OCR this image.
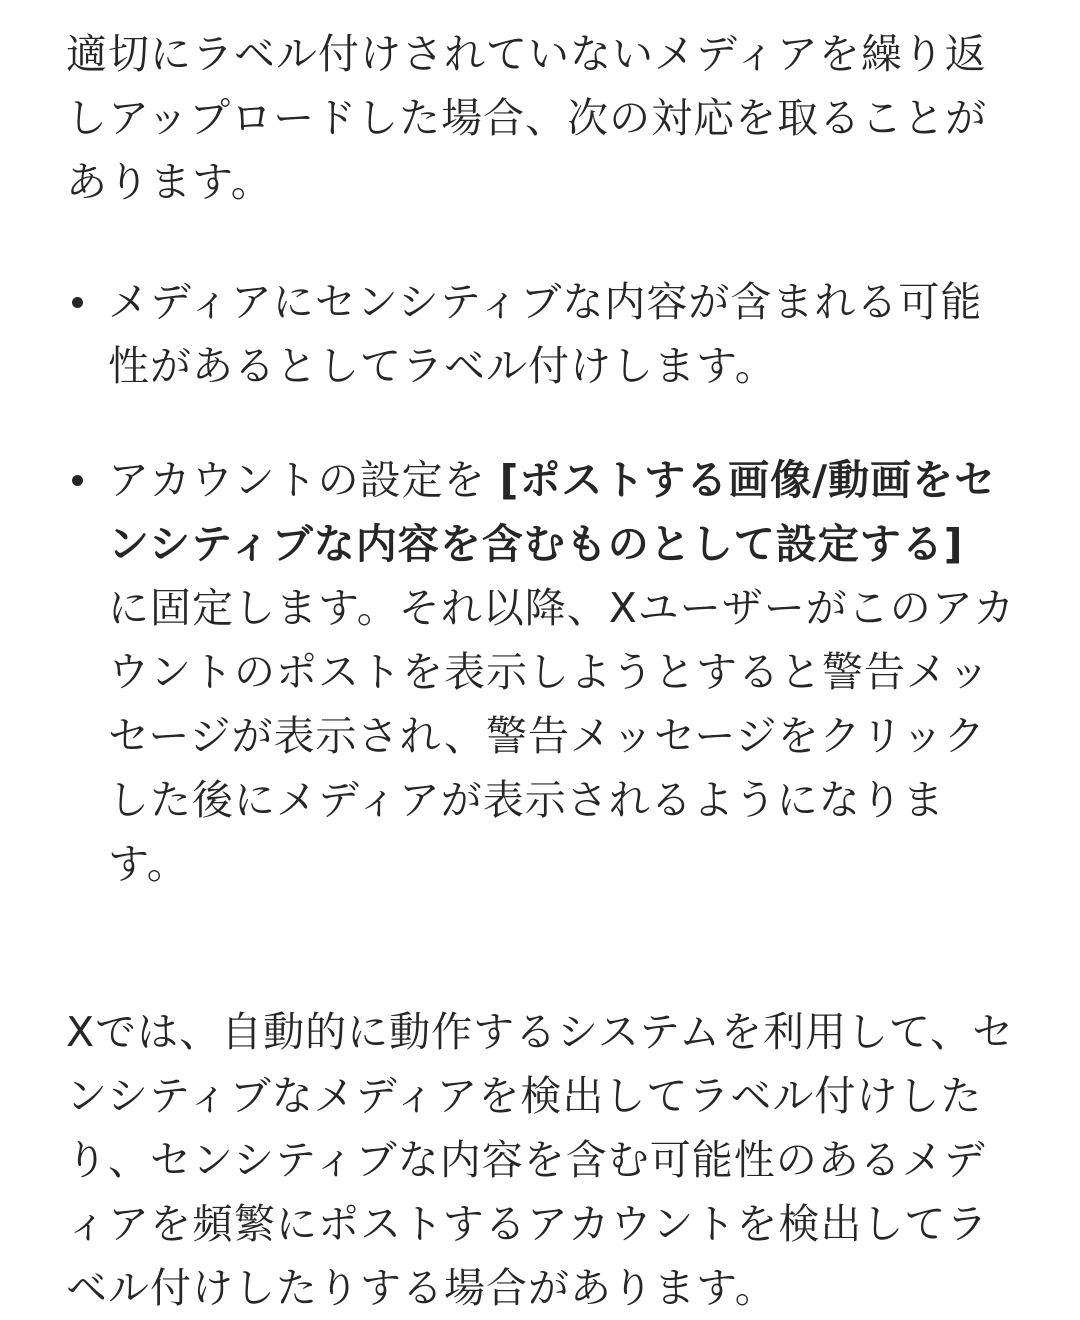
適切にラベル付けされていないメディアを繰り返しアップロードした場合、次の対応を取ることがあります。

メディアにセンシティブな内容が含まれる可能性があるとしてラベル付けします。
アカウントの設定を [ポストする画像/動画をセンシティブな内容を含むものとして設定する] に固定します。それ以降、Xユーザーがこのアカウントのポストを表示しようとすると警告メッセージが表示され、警告メッセージをクリックした後にメディアが表示されるようになります。

Xでは、自動的に動作するシステムを利用して、センシティブなメディアを検出してラベル付けしたり、センシティブな内容を含む可能性のあるメディアを頻繁にポストするアカウントを検出してラベル付けしたりする場合があります。
